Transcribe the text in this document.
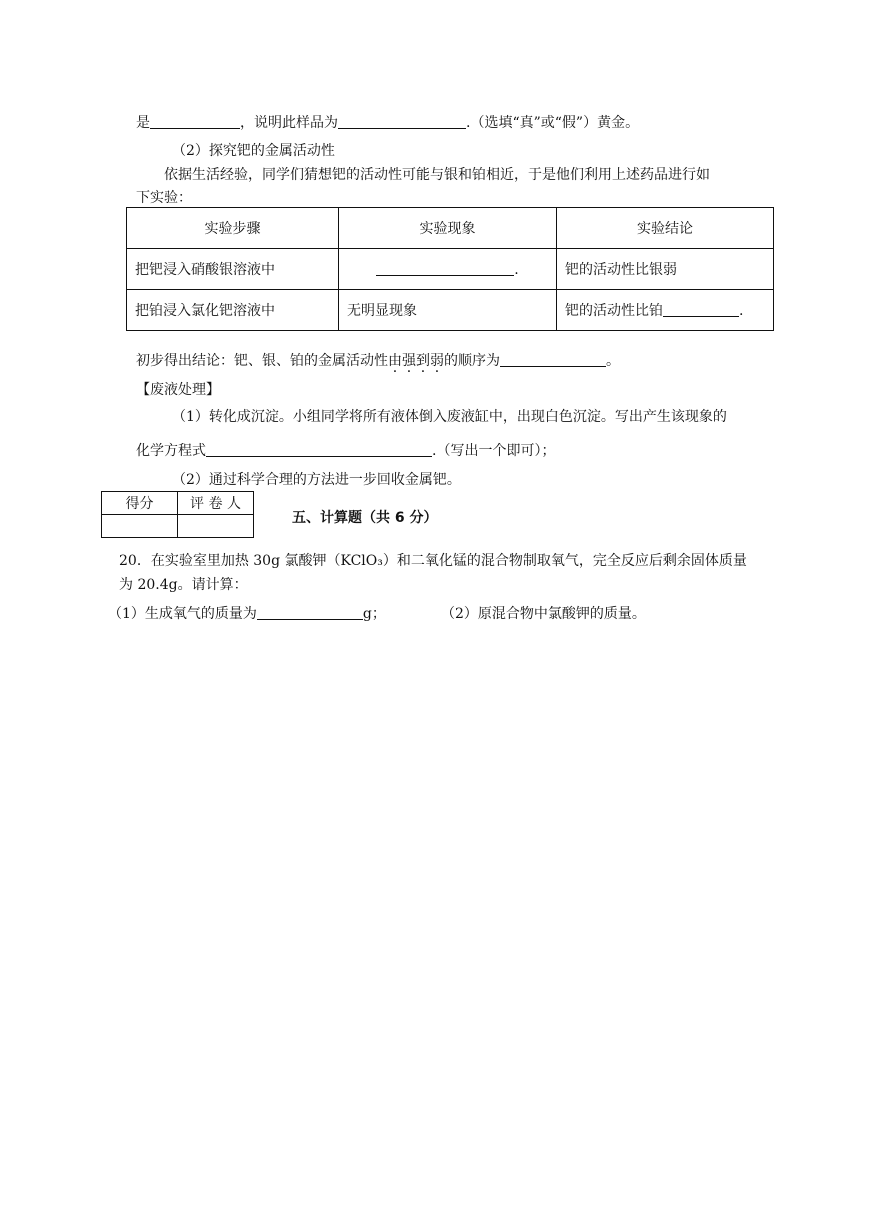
是	，说明此样品为	.（选填“真”或“假”）黄金。
（2）探究钯的金属活动性
依据生活经验，同学们猜想钯的活动性可能与银和铂相近，于是他们利用上述药品进行如
下实验：
实验步骤	实验现象	实验结论
把钯浸入硝酸银溶液中	.	钯的活动性比银弱
把铂浸入氯化钯溶液中	无明显现象	钯的活动性比铂 .
初步得出结论：钯、银、铂的金属活动性由强到弱的顺序为	。
【废液处理】
（1）转化成沉淀。小组同学将所有液体倒入废液缸中，出现白色沉淀。写出产生该现象的
化学方程式	.（写出一个即可）；
（2）通过科学合理的方法进一步回收金属钯。
得分	评 卷 人

五、计算题（共 6 分）
20．在实验室里加热 30g 氯酸钾（KClO₃）和二氧化锰的混合物制取氧气，完全反应后剩余固体质量
为 20.4g。请计算：
（1）生成氧气的质量为	g；	（2）原混合物中氯酸钾的质量。
